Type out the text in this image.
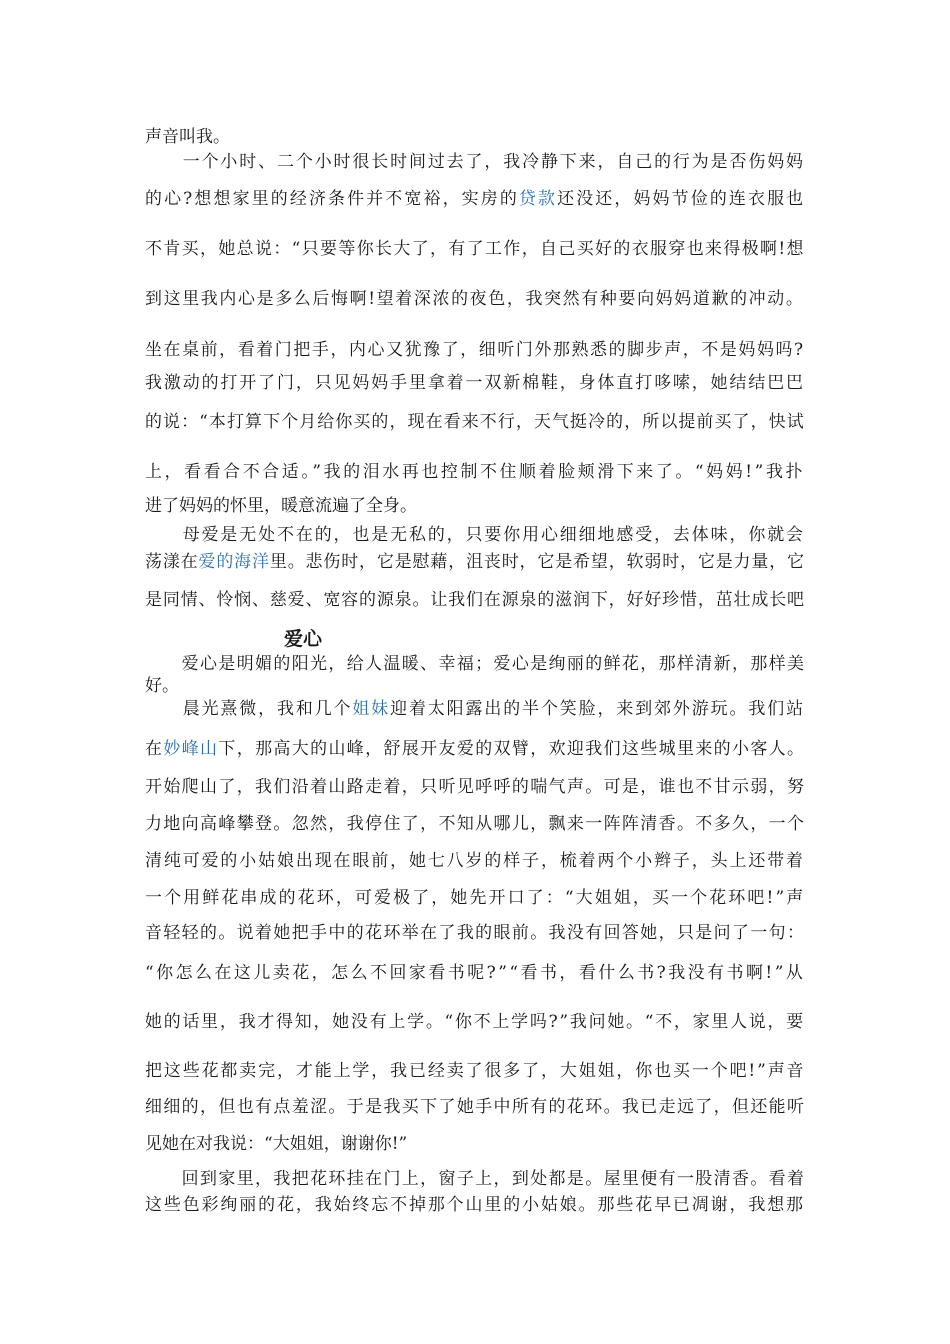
声音叫我。

　　一个小时、二个小时很长时间过去了，我冷静下来，自己的行为是否伤妈妈

的心?想想家里的经济条件并不宽裕，实房的贷款还没还，妈妈节俭的连衣服也

不肯买，她总说：“只要等你长大了，有了工作，自己买好的衣服穿也来得极啊!想

到这里我内心是多么后悔啊!望着深浓的夜色，我突然有种要向妈妈道歉的冲动。

坐在桌前，看着门把手，内心又犹豫了，细听门外那熟悉的脚步声，不是妈妈吗?

我激动的打开了门，只见妈妈手里拿着一双新棉鞋，身体直打哆嗦，她结结巴巴

的说：“本打算下个月给你买的，现在看来不行，天气挺冷的，所以提前买了，快试

上，看看合不合适。”我的泪水再也控制不住顺着脸颊滑下来了。“妈妈!”我扑

进了妈妈的怀里，暖意流遍了全身。

　　母爱是无处不在的，也是无私的，只要你用心细细地感受，去体味，你就会

荡漾在爱的海洋里。悲伤时，它是慰藉，沮丧时，它是希望，软弱时，它是力量，它

是同情、怜悯、慈爱、宽容的源泉。让我们在源泉的滋润下，好好珍惜，茁壮成长吧

　　爱心是明媚的阳光，给人温暖、幸福；爱心是绚丽的鲜花，那样清新，那样美

好。

　　晨光熹微，我和几个姐妹迎着太阳露出的半个笑脸，来到郊外游玩。我们站

在妙峰山下，那高大的山峰，舒展开友爱的双臂，欢迎我们这些城里来的小客人。

开始爬山了，我们沿着山路走着，只听见呼呼的喘气声。可是，谁也不甘示弱，努

力地向高峰攀登。忽然，我停住了，不知从哪儿，飘来一阵阵清香。不多久，一个

清纯可爱的小姑娘出现在眼前，她七八岁的样子，梳着两个小辫子，头上还带着

一个用鲜花串成的花环，可爱极了，她先开口了：“大姐姐，买一个花环吧!”声

音轻轻的。说着她把手中的花环举在了我的眼前。我没有回答她，只是问了一句：

“你怎么在这儿卖花，怎么不回家看书呢?”“看书，看什么书?我没有书啊!”从

她的话里，我才得知，她没有上学。“你不上学吗?”我问她。“不，家里人说，要

把这些花都卖完，才能上学，我已经卖了很多了，大姐姐，你也买一个吧!”声音

细细的，但也有点羞涩。于是我买下了她手中所有的花环。我已走远了，但还能听

见她在对我说：“大姐姐，谢谢你!”

　　回到家里，我把花环挂在门上，窗子上，到处都是。屋里便有一股清香。看着

这些色彩绚丽的花，我始终忘不掉那个山里的小姑娘。那些花早已凋谢，我想那

爱心
